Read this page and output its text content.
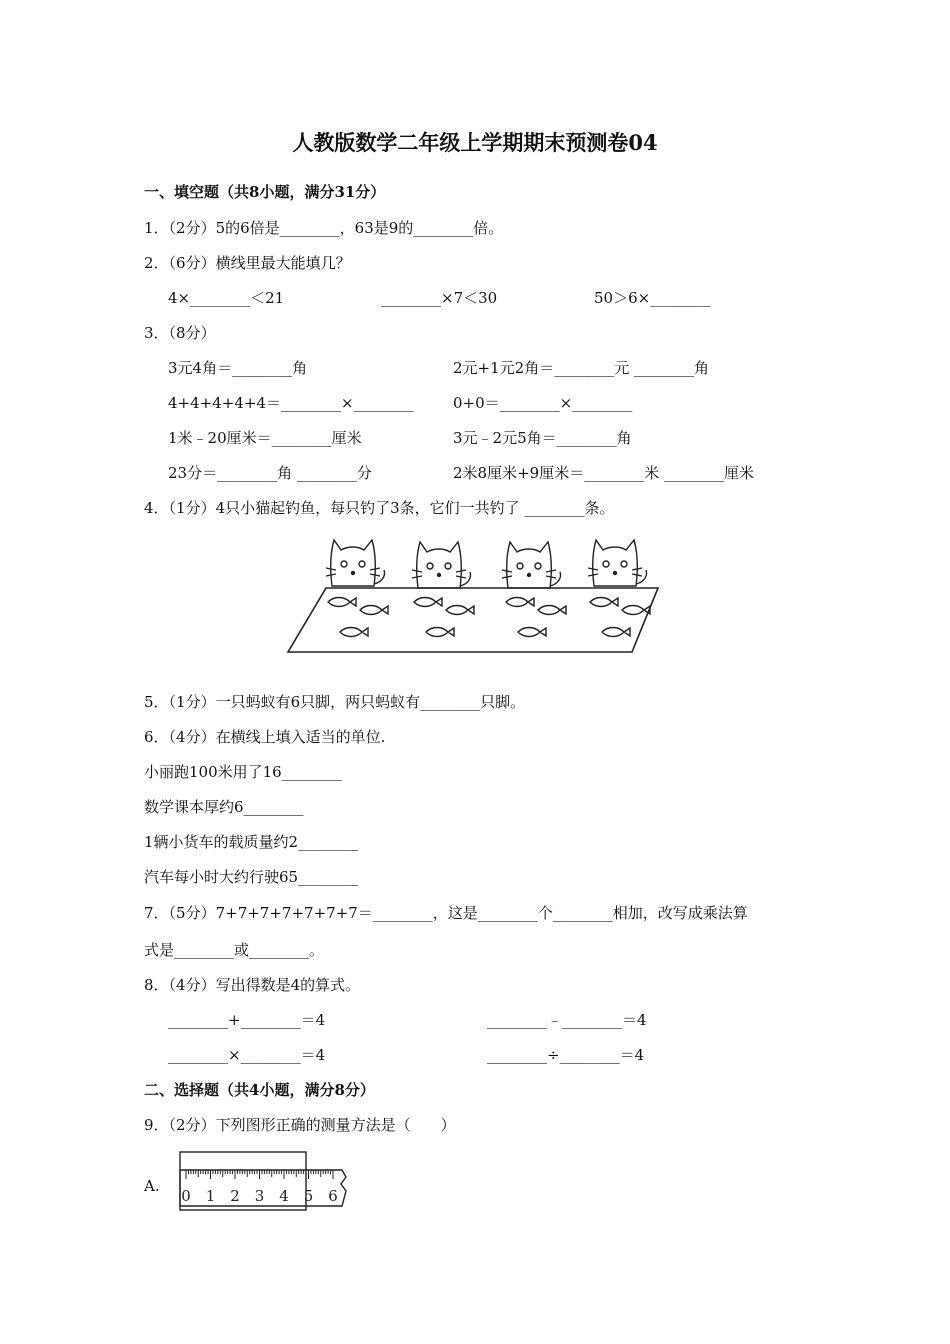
人教版数学二年级上学期期末预测卷04
一、填空题（共8小题，满分31分）
1．（2分）5的6倍是________，63是9的________倍。
2．（6分）横线里最大能填几？
4×________＜21	________×7＜30	50＞6×________
3．（8分）
3元4角＝________角	2元+1元2角＝________元 ________角
4+4+4+4+4＝________×________	0+0＝________×________
1米﹣20厘米＝________厘米	3元﹣2元5角＝________角
23分＝________角 ________分	2米8厘米+9厘米＝________米 ________厘米
4．（1分）4只小猫起钓鱼，每只钓了3条，它们一共钓了 ________条。
5．（1分）一只蚂蚁有6只脚，两只蚂蚁有________只脚。
6．（4分）在横线上填入适当的单位.
小丽跑100米用了16________
数学课本厚约6________
1辆小货车的载质量约2________
汽车每小时大约行驶65________
7．（5分）7+7+7+7+7+7+7＝________，这是________个________相加，改写成乘法算
式是________或________。
8．（4分）写出得数是4的算式。
________+________＝4	________﹣________＝4
________×________＝4	________÷________＝4
二、选择题（共4小题，满分8分）
9．（2分）下列图形正确的测量方法是（　　）
A.
0 1 2 3 4 5 6
